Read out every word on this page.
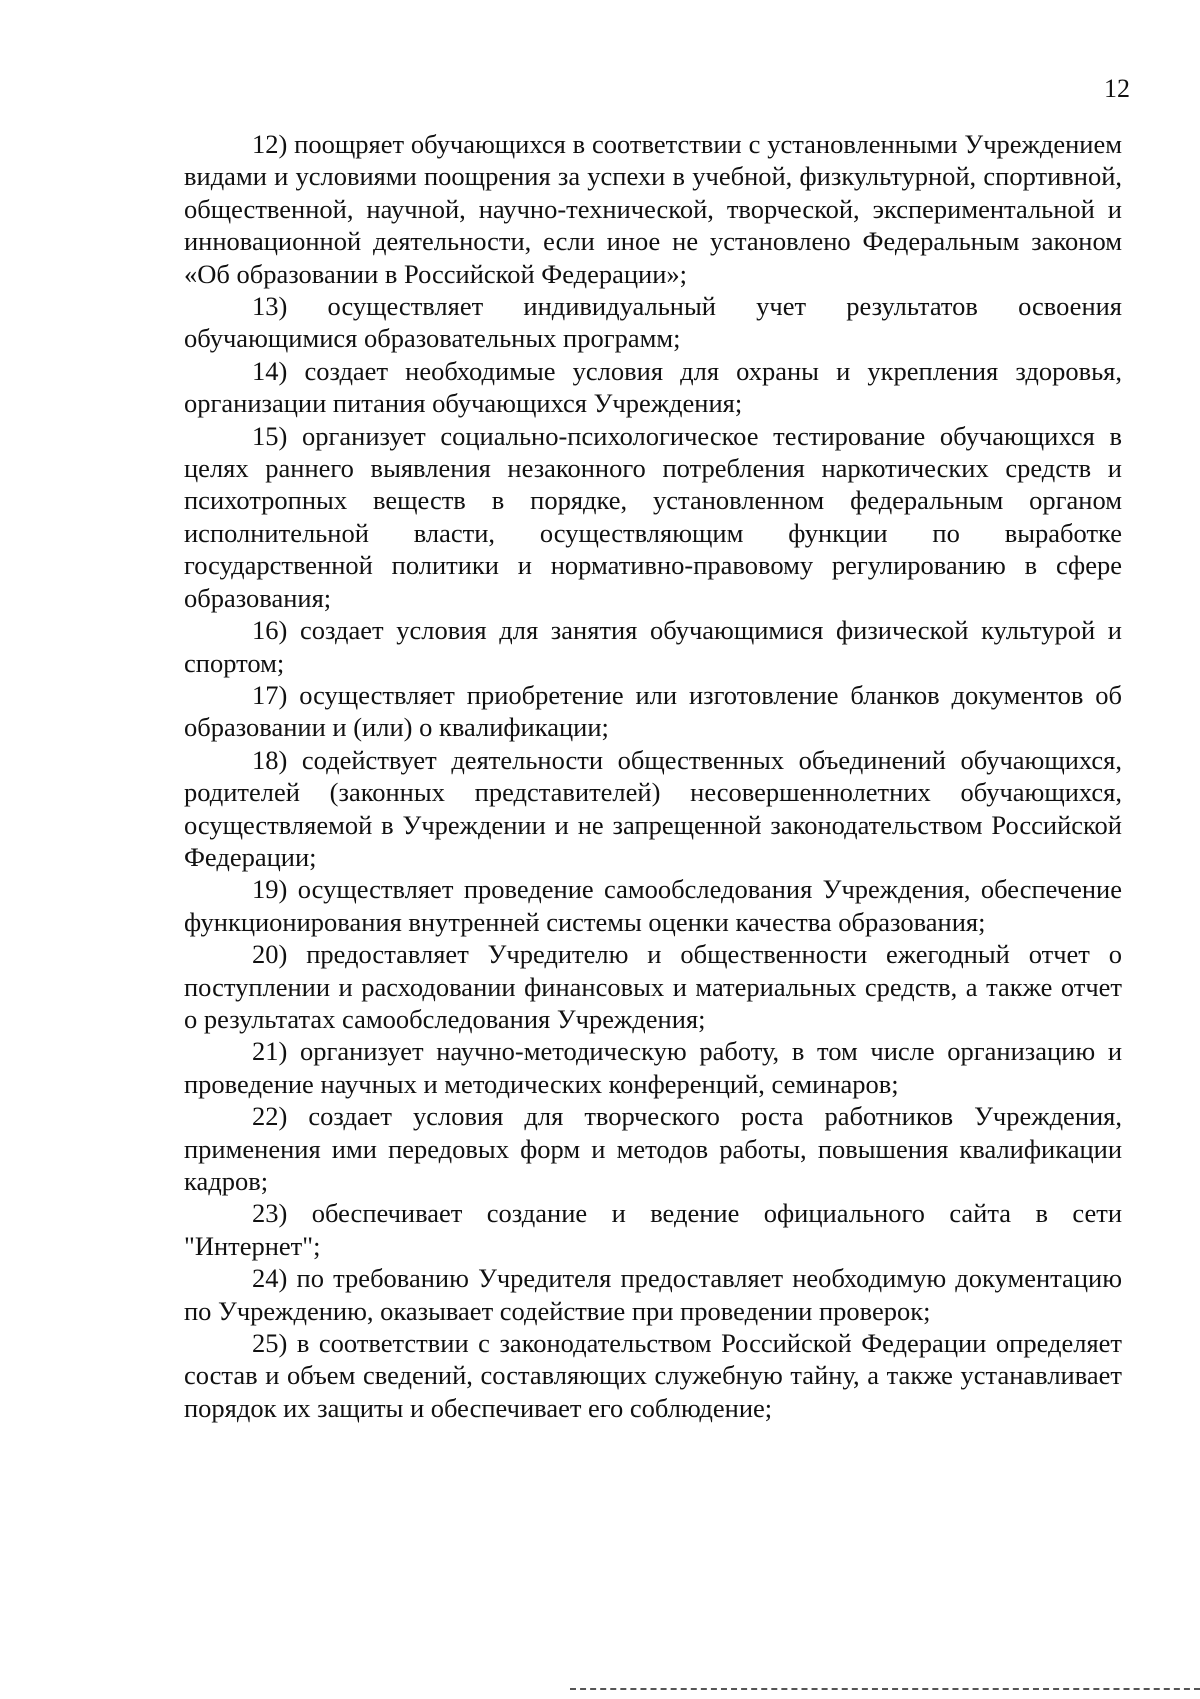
12

12) поощряет обучающихся в соответствии с установленными Учреждением видами и условиями поощрения за успехи в учебной, физкультурной, спортивной, общественной, научной, научно-технической, творческой, экспериментальной и инновационной деятельности, если иное не установлено Федеральным законом «Об образовании в Российской Федерации»;

13) осуществляет индивидуальный учет результатов освоения обучающимися образовательных программ;

14) создает необходимые условия для охраны и укрепления здоровья, организации питания обучающихся Учреждения;

15) организует социально-психологическое тестирование обучающихся в целях раннего выявления незаконного потребления наркотических средств и психотропных веществ в порядке, установленном федеральным органом исполнительной власти, осуществляющим функции по выработке государственной политики и нормативно-правовому регулированию в сфере образования;

16) создает условия для занятия обучающимися физической культурой и спортом;

17) осуществляет приобретение или изготовление бланков документов об образовании и (или) о квалификации;

18) содействует деятельности общественных объединений обучающихся, родителей (законных представителей) несовершеннолетних обучающихся, осуществляемой в Учреждении и не запрещенной законодательством Российской Федерации;

19) осуществляет проведение самообследования Учреждения, обеспечение функционирования внутренней системы оценки качества образования;

20) предоставляет Учредителю и общественности ежегодный отчет о поступлении и расходовании финансовых и материальных средств, а также отчет о результатах самообследования Учреждения;

21) организует научно-методическую работу, в том числе организацию и проведение научных и методических конференций, семинаров;

22) создает условия для творческого роста работников Учреждения, применения ими передовых форм и методов работы, повышения квалификации кадров;

23) обеспечивает создание и ведение официального сайта в сети "Интернет";

24) по требованию Учредителя предоставляет необходимую документацию по Учреждению, оказывает содействие при проведении проверок;

25) в соответствии с законодательством Российской Федерации определяет состав и объем сведений, составляющих служебную тайну, а также устанавливает порядок их защиты и обеспечивает его соблюдение;
